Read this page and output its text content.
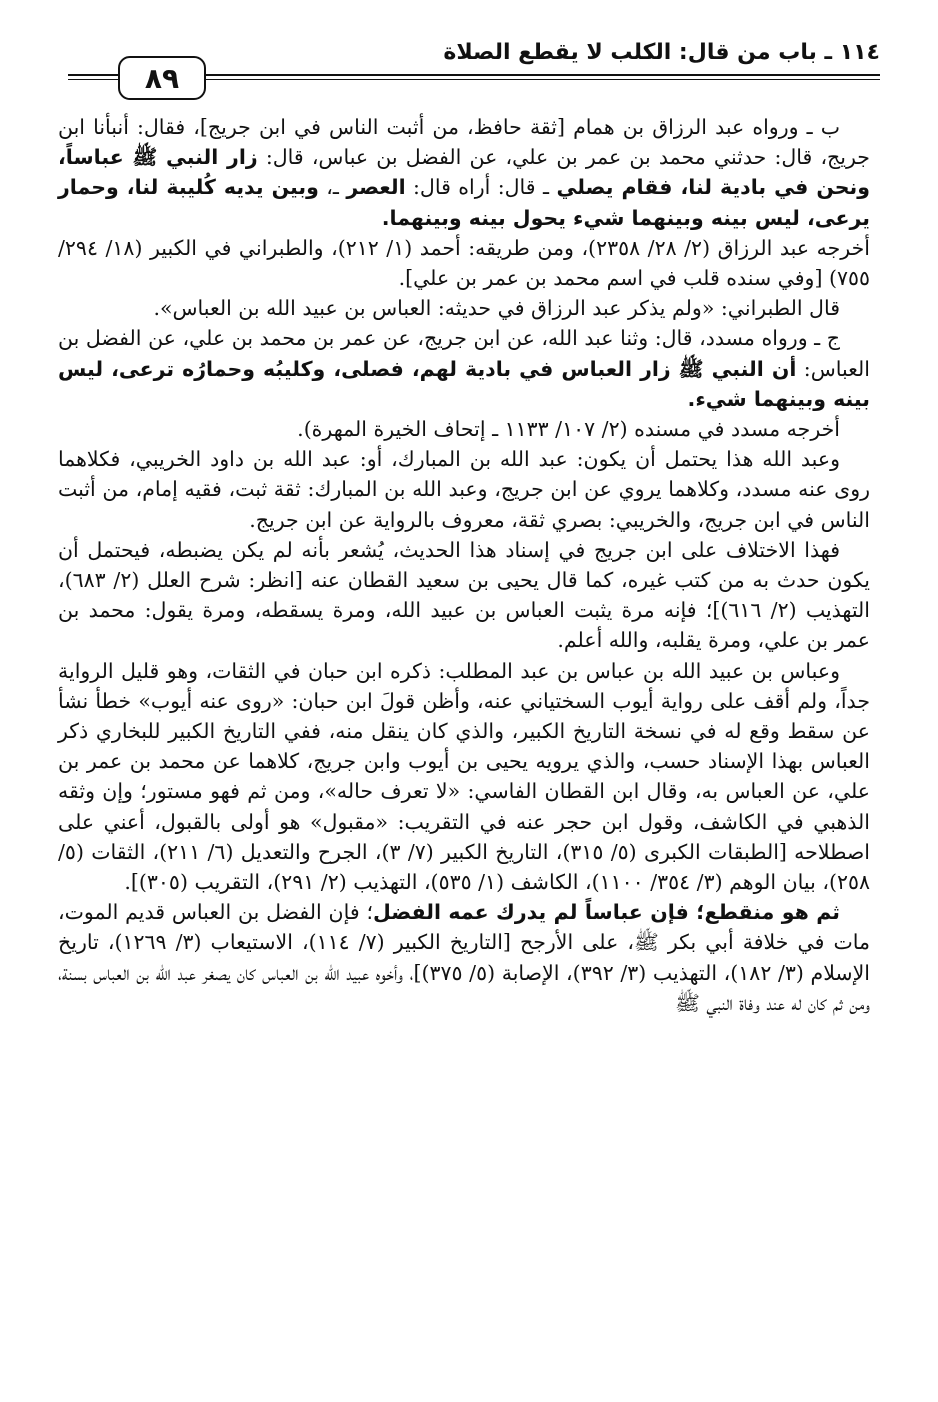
١١٤ ـ باب من قال: الكلب لا يقطع الصلاة
٨٩

ب ـ ورواه عبد الرزاق بن همام [ثقة حافظ، من أثبت الناس في ابن جريج]، فقال: أنبأنا ابن جريج، قال: حدثني محمد بن عمر بن علي، عن الفضل بن عباس، قال: زار النبي ﷺ عباساً، ونحن في بادية لنا، فقام يصلي ـ قال: أراه قال: العصر ـ، وبين يديه كُليبة لنا، وحمار يرعى، ليس بينه وبينهما شيء يحول بينه وبينهما.

أخرجه عبد الرزاق (٢/ ٢٨/ ٢٣٥٨)، ومن طريقه: أحمد (١/ ٢١٢)، والطبراني في الكبير (١٨/ ٢٩٤/ ٧٥٥) [وفي سنده قلب في اسم محمد بن عمر بن علي].

قال الطبراني: «ولم يذكر عبد الرزاق في حديثه: العباس بن عبيد الله بن العباس».

ج ـ ورواه مسدد، قال: وثنا عبد الله، عن ابن جريج، عن عمر بن محمد بن علي، عن الفضل بن العباس: أن النبي ﷺ زار العباس في بادية لهم، فصلى، وكليبُه وحمارُه ترعى، ليس بينه وبينهما شيء.

أخرجه مسدد في مسنده (٢/ ١٠٧/ ١١٣٣ ـ إتحاف الخيرة المهرة).

وعبد الله هذا يحتمل أن يكون: عبد الله بن المبارك، أو: عبد الله بن داود الخريبي، فكلاهما روى عنه مسدد، وكلاهما يروي عن ابن جريج، وعبد الله بن المبارك: ثقة ثبت، فقيه إمام، من أثبت الناس في ابن جريج، والخريبي: بصري ثقة، معروف بالرواية عن ابن جريج.

فهذا الاختلاف على ابن جريج في إسناد هذا الحديث، يُشعر بأنه لم يكن يضبطه، فيحتمل أن يكون حدث به من كتب غيره، كما قال يحيى بن سعيد القطان عنه [انظر: شرح العلل (٢/ ٦٨٣)، التهذيب (٢/ ٦١٦)]؛ فإنه مرة يثبت العباس بن عبيد الله، ومرة يسقطه، ومرة يقول: محمد بن عمر بن علي، ومرة يقلبه، والله أعلم.

وعباس بن عبيد الله بن عباس بن عبد المطلب: ذكره ابن حبان في الثقات، وهو قليل الرواية جداً، ولم أقف على رواية أيوب السختياني عنه، وأظن قولَ ابن حبان: «روى عنه أيوب» خطأ نشأ عن سقط وقع له في نسخة التاريخ الكبير، والذي كان ينقل منه، ففي التاريخ الكبير للبخاري ذكر العباس بهذا الإسناد حسب، والذي يرويه يحيى بن أيوب وابن جريج، كلاهما عن محمد بن عمر بن علي، عن العباس به، وقال ابن القطان الفاسي: «لا تعرف حاله»، ومن ثم فهو مستور؛ وإن وثقه الذهبي في الكاشف، وقول ابن حجر عنه في التقريب: «مقبول» هو أولى بالقبول، أعني على اصطلاحه [الطبقات الكبرى (٥/ ٣١٥)، التاريخ الكبير (٧/ ٣)، الجرح والتعديل (٦/ ٢١١)، الثقات (٥/ ٢٥٨)، بيان الوهم (٣/ ٣٥٤/ ١١٠٠)، الكاشف (١/ ٥٣٥)، التهذيب (٢/ ٢٩١)، التقريب (٣٠٥)].

ثم هو منقطع؛ فإن عباساً لم يدرك عمه الفضل؛ فإن الفضل بن العباس قديم الموت، مات في خلافة أبي بكر ﷺ، على الأرجح [التاريخ الكبير (٧/ ١١٤)، الاستيعاب (٣/ ١٢٦٩)، تاريخ الإسلام (٣/ ١٨٢)، التهذيب (٣/ ٣٩٢)، الإصابة (٥/ ٣٧٥)]، وأخوه عبيد الله بن العباس كان يصغر عبد الله بن العباس بسنة، ومن ثم كان له عند وفاة النبي ﷺ
